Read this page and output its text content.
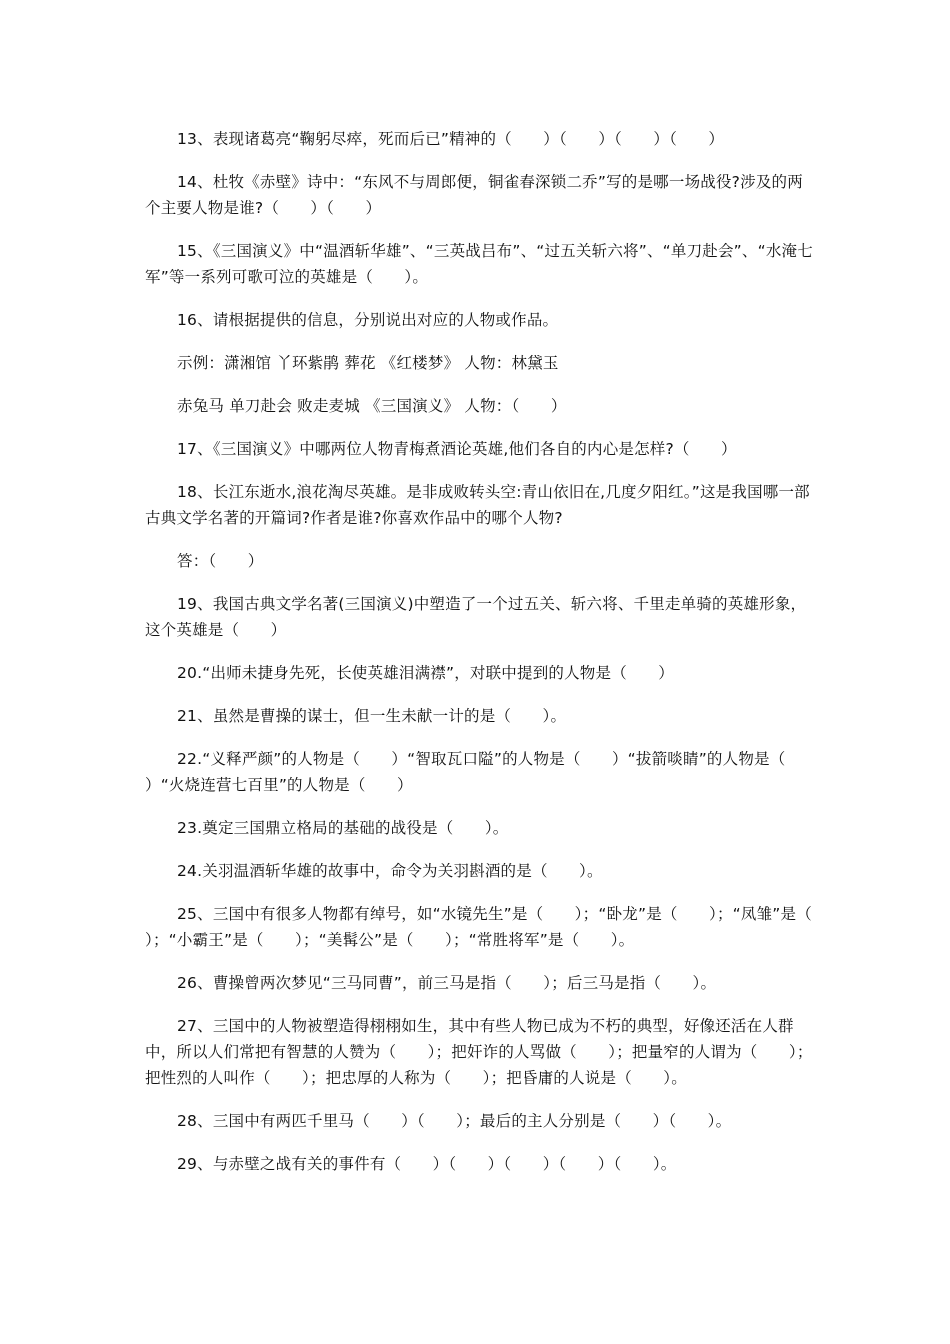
13、表现诸葛亮“鞠躬尽瘁，死而后已”精神的（　　）（　　）（　　）（　　）

14、杜牧《赤壁》诗中：“东风不与周郎便，铜雀春深锁二乔”写的是哪一场战役?涉及的两个主要人物是谁?（　　）（　　）

15、《三国演义》中“温酒斩华雄”、“三英战吕布”、“过五关斩六将”、“单刀赴会”、“水淹七军”等一系列可歌可泣的英雄是（　　）。

16、请根据提供的信息，分别说出对应的人物或作品。

示例：潇湘馆 丫环紫鹃 葬花 《红楼梦》 人物：林黛玉

赤兔马 单刀赴会 败走麦城 《三国演义》 人物：（　　）

17、《三国演义》中哪两位人物青梅煮酒论英雄,他们各自的内心是怎样?（　　）

18、长江东逝水,浪花淘尽英雄。是非成败转头空:青山依旧在,几度夕阳红。”这是我国哪一部古典文学名著的开篇词?作者是谁?你喜欢作品中的哪个人物?

答：（　　）

19、我国古典文学名著(三国演义)中塑造了一个过五关、斩六将、千里走单骑的英雄形象，这个英雄是（　　）

20.“出师未捷身先死，长使英雄泪满襟”，对联中提到的人物是（　　）

21、虽然是曹操的谋士，但一生未献一计的是（　　）。

22.“义释严颜”的人物是（　　）“智取瓦口隘”的人物是（　　）“拔箭啖睛”的人物是（　　）“火烧连营七百里”的人物是（　　）

23.奠定三国鼎立格局的基础的战役是（　　）。

24.关羽温酒斩华雄的故事中，命令为关羽斟酒的是（　　）。

25、三国中有很多人物都有绰号，如“水镜先生”是（　　）；“卧龙”是（　　）；“凤雏”是（　　）；“小霸王”是（　　）；“美髯公”是（　　）；“常胜将军”是（　　）。

26、曹操曾两次梦见“三马同曹”，前三马是指（　　）；后三马是指（　　）。

27、三国中的人物被塑造得栩栩如生，其中有些人物已成为不朽的典型，好像还活在人群中，所以人们常把有智慧的人赞为（　　）；把奸诈的人骂做（　　）；把量窄的人谓为（　　）；把性烈的人叫作（　　）；把忠厚的人称为（　　）；把昏庸的人说是（　　）。

28、三国中有两匹千里马（　　）（　　）；最后的主人分别是（　　）（　　）。

29、与赤壁之战有关的事件有（　　）（　　）（　　）（　　）（　　）。
